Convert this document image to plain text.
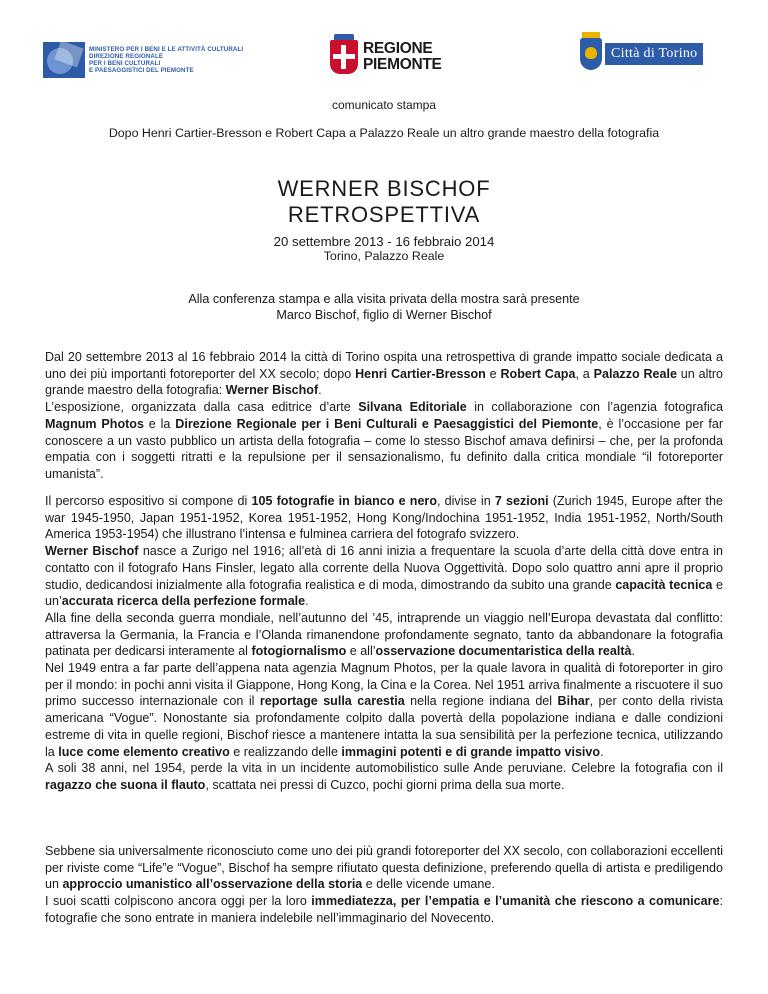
MINISTERO PER I BENI E LE ATTIVITÀ CULTURALI
DIREZIONE REGIONALE
PER I BENI CULTURALI
E PAESAGGISTICI DEL PIEMONTE
REGIONE
PIEMONTE
Città di Torino
comunicato stampa
Dopo Henri Cartier-Bresson e Robert Capa a Palazzo Reale un altro grande maestro della fotografia
WERNER BISCHOF
RETROSPETTIVA
20 settembre 2013 - 16 febbraio 2014
Torino, Palazzo Reale
Alla conferenza stampa e alla visita privata della mostra sarà presente
Marco Bischof, figlio di Werner Bischof
Dal 20 settembre 2013 al 16 febbraio 2014 la città di Torino ospita una retrospettiva di grande impatto sociale dedicata a uno dei più importanti fotoreporter del XX secolo; dopo Henri Cartier-Bresson e Robert Capa, a Palazzo Reale un altro grande maestro della fotografia: Werner Bischof.
L’esposizione, organizzata dalla casa editrice d’arte Silvana Editoriale in collaborazione con l’agenzia fotografica Magnum Photos e la Direzione Regionale per i Beni Culturali e Paesaggistici del Piemonte, è l’occasione per far conoscere a un vasto pubblico un artista della fotografia – come lo stesso Bischof amava definirsi – che, per la profonda empatia con i soggetti ritratti e la repulsione per il sensazionalismo, fu definito dalla critica mondiale “il fotoreporter umanista”.
Il percorso espositivo si compone di 105 fotografie in bianco e nero, divise in 7 sezioni (Zurich 1945, Europe after the war 1945-1950, Japan 1951-1952, Korea 1951-1952, Hong Kong/Indochina 1951-1952, India 1951-1952, North/South America 1953-1954) che illustrano l’intensa e fulminea carriera del fotografo svizzero.
Werner Bischof nasce a Zurigo nel 1916; all’età di 16 anni inizia a frequentare la scuola d’arte della città dove entra in contatto con il fotografo Hans Finsler, legato alla corrente della Nuova Oggettività. Dopo solo quattro anni apre il proprio studio, dedicandosi inizialmente alla fotografia realistica e di moda, dimostrando da subito una grande capacità tecnica e un’accurata ricerca della perfezione formale.
Alla fine della seconda guerra mondiale, nell’autunno del ’45, intraprende un viaggio nell’Europa devastata dal conflitto: attraversa la Germania, la Francia e l’Olanda rimanendone profondamente segnato, tanto da abbandonare la fotografia patinata per dedicarsi interamente al fotogiornalismo e all’osservazione documentaristica della realtà.
Nel 1949 entra a far parte dell’appena nata agenzia Magnum Photos, per la quale lavora in qualità di fotoreporter in giro per il mondo: in pochi anni visita il Giappone, Hong Kong, la Cina e la Corea. Nel 1951 arriva finalmente a riscuotere il suo primo successo internazionale con il reportage sulla carestia nella regione indiana del Bihar, per conto della rivista americana “Vogue”. Nonostante sia profondamente colpito dalla povertà della popolazione indiana e dalle condizioni estreme di vita in quelle regioni, Bischof riesce a mantenere intatta la sua sensibilità per la perfezione tecnica, utilizzando la luce come elemento creativo e realizzando delle immagini potenti e di grande impatto visivo.
A soli 38 anni, nel 1954, perde la vita in un incidente automobilistico sulle Ande peruviane. Celebre la fotografia con il ragazzo che suona il flauto, scattata nei pressi di Cuzco, pochi giorni prima della sua morte.
Sebbene sia universalmente riconosciuto come uno dei più grandi fotoreporter del XX secolo, con collaborazioni eccellenti per riviste come “Life”e “Vogue”, Bischof ha sempre rifiutato questa definizione, preferendo quella di artista e prediligendo un approccio umanistico all’osservazione della storia e delle vicende umane.
I suoi scatti colpiscono ancora oggi per la loro immediatezza, per l’empatia e l’umanità che riescono a comunicare: fotografie che sono entrate in maniera indelebile nell’immaginario del Novecento.
